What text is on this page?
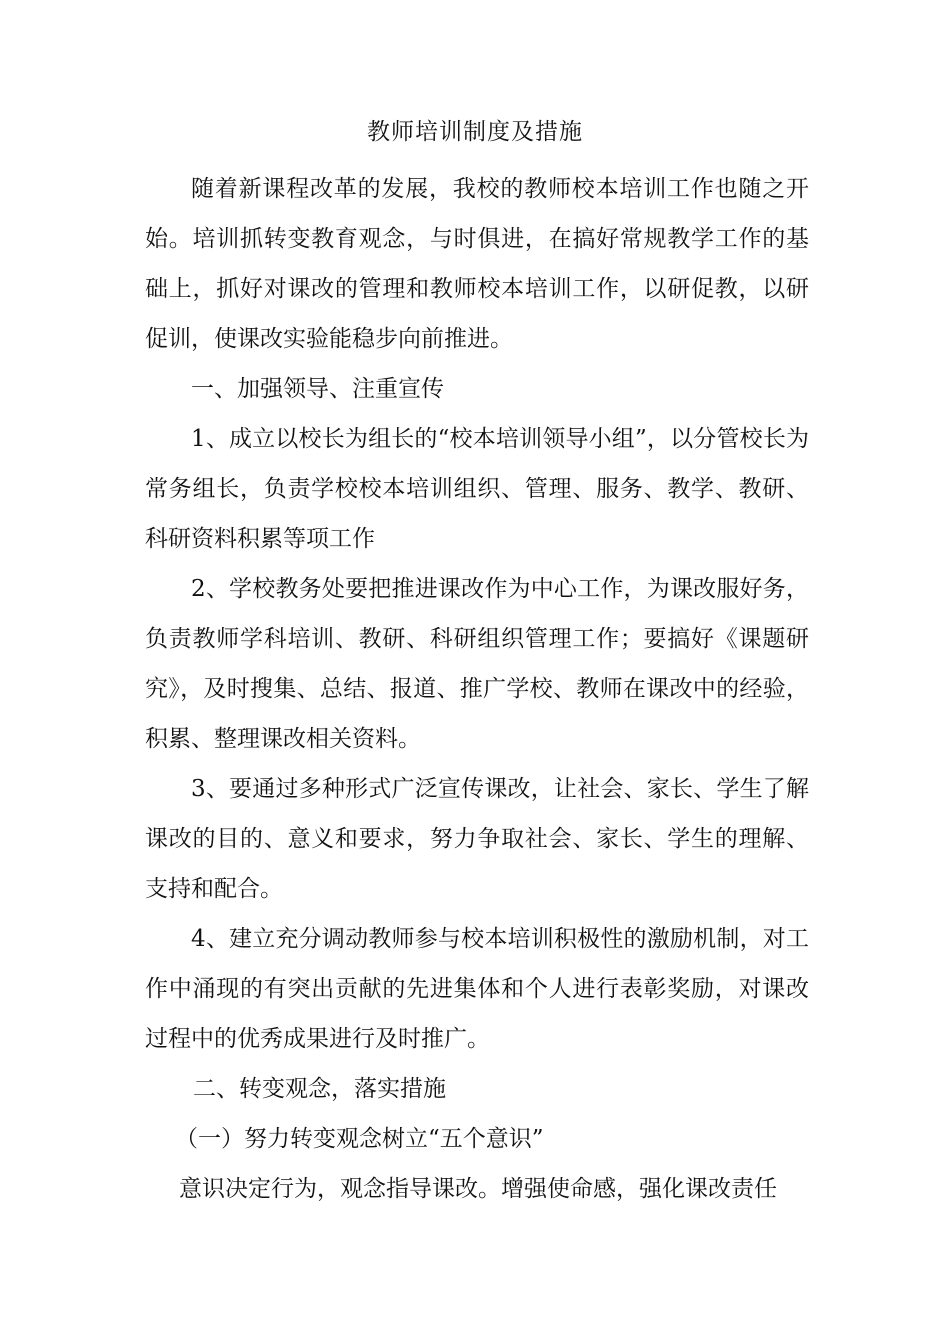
教师培训制度及措施

随着新课程改革的发展，我校的教师校本培训工作也随之开始。培训抓转变教育观念，与时俱进，在搞好常规教学工作的基础上，抓好对课改的管理和教师校本培训工作，以研促教，以研促训，使课改实验能稳步向前推进。

一、加强领导、注重宣传

1、成立以校长为组长的“校本培训领导小组”，以分管校长为常务组长，负责学校校本培训组织、管理、服务、教学、教研、科研资料积累等项工作

2、学校教务处要把推进课改作为中心工作，为课改服好务，负责教师学科培训、教研、科研组织管理工作；要搞好《课题研究》，及时搜集、总结、报道、推广学校、教师在课改中的经验，积累、整理课改相关资料。

3、要通过多种形式广泛宣传课改，让社会、家长、学生了解课改的目的、意义和要求，努力争取社会、家长、学生的理解、支持和配合。

4、建立充分调动教师参与校本培训积极性的激励机制，对工作中涌现的有突出贡献的先进集体和个人进行表彰奖励，对课改过程中的优秀成果进行及时推广。

二、转变观念，落实措施

（一）努力转变观念树立“五个意识”

意识决定行为，观念指导课改。增强使命感，强化课改责任
